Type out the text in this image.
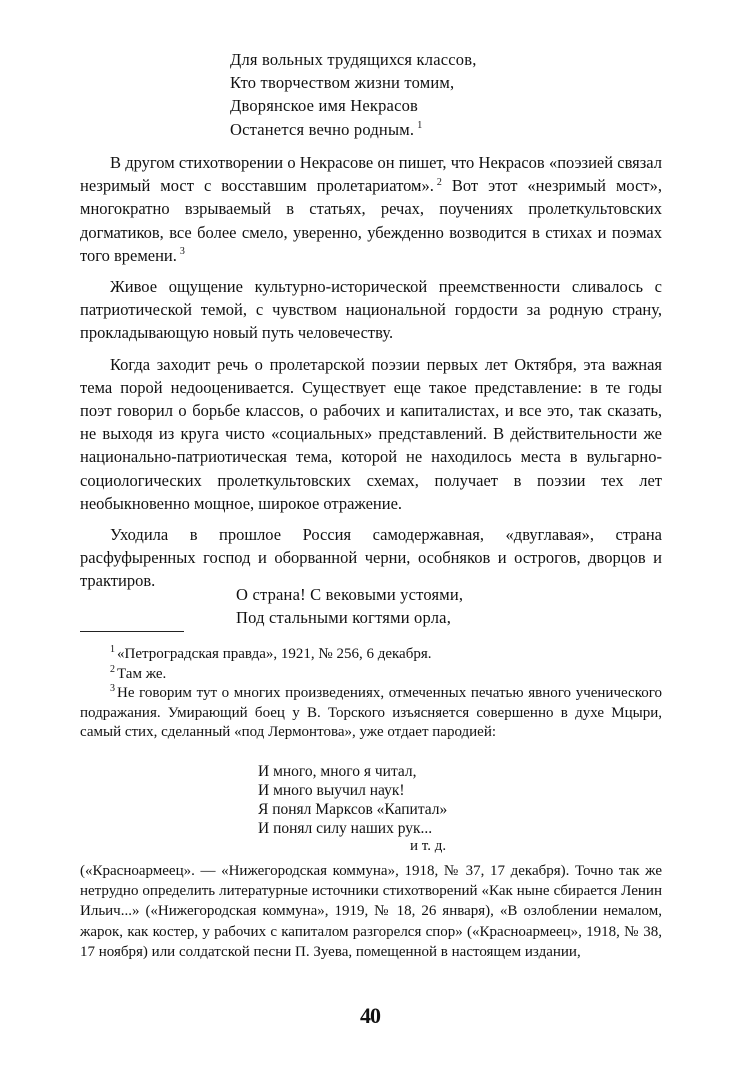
Для вольных трудящихся классов,
Кто творчеством жизни томим,
Дворянское имя Некрасов
Останется вечно родным. $^1$

В другом стихотворении о Некрасове он пишет, что Некрасов «поэзией связал незримый мост с восставшим пролетариатом». $^2$ Вот этот «незримый мост», многократно взрываемый в статьях, речах, поучениях пролеткультовских догматиков, все более смело, уверенно, убежденно возводится в стихах и поэмах того времени. $^3$

Живое ощущение культурно-исторической преемственности сливалось с патриотической темой, с чувством национальной гордости за родную страну, прокладывающую новый путь человечеству.

Когда заходит речь о пролетарской поэзии первых лет Октября, эта важная тема порой недооценивается. Существует еще такое представление: в те годы поэт говорил о борьбе классов, о рабочих и капиталистах, и все это, так сказать, не выходя из круга чисто «социальных» представлений. В действительности же национально-патриотическая тема, которой не находилось места в вульгарно-социологических пролеткультовских схемах, получает в поэзии тех лет необыкновенно мощное, широкое отражение.

Уходила в прошлое Россия самодержавная, «двуглавая», страна расфуфыренных господ и оборванной черни, особняков и острогов, дворцов и трактиров.

О страна! С вековыми устоями,
Под стальными когтями орла,

$^1$ «Петроградская правда», 1921, № 256, 6 декабря.

$^2$ Там же.

$^3$ Не говорим тут о многих произведениях, отмеченных печатью явного ученического подражания. Умирающий боец у В. Торского изъясняется совершенно в духе Мцыри, самый стих, сделанный «под Лермонтова», уже отдает пародией:

И много, много я читал,
И много выучил наук!
Я понял Марксов «Капитал»
И понял силу наших рук...
и т. д.
(«Красноармеец». — «Нижегородская коммуна», 1918, № 37, 17 декабря). Точно так же нетрудно определить литературные источники стихотворений «Как ныне сбирается Ленин Ильич...» («Нижегородская коммуна», 1919, № 18, 26 января), «В озлоблении немалом, жарок, как костер, у рабочих с капиталом разгорелся спор» («Красноармеец», 1918, № 38, 17 ноября) или солдатской песни П. Зуева, помещенной в настоящем издании,
40
